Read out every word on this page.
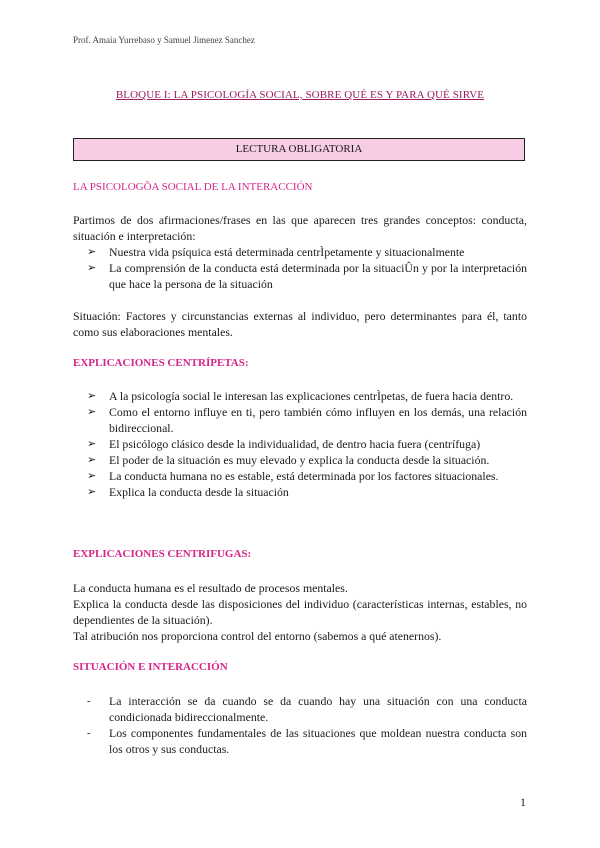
Prof. Amaia Yurrebaso y Samuel Jimenez Sanchez
BLOQUE I: LA PSICOLOGÍA SOCIAL, SOBRE QUÉ ES Y PARA QUÉ SIRVE
LECTURA OBLIGATORIA
LA PSICOLOGÕA SOCIAL DE LA INTERACCIÓN
Partimos de dos afirmaciones/frases en las que aparecen tres grandes conceptos: conducta, situación e interpretación:
➢ Nuestra vida psíquica está determinada centrÌpetamente y situacionalmente
➢ La comprensión de la conducta está determinada por la situaciÛn y por la interpretación que hace la persona de la situación
Situación: Factores y circunstancias externas al individuo, pero determinantes para él, tanto como sus elaboraciones mentales.
EXPLICACIONES CENTRÍPETAS:
➢ A la psicología social le interesan las explicaciones centrÌpetas, de fuera hacia dentro.
➢ Como el entorno influye en ti, pero también cómo influyen en los demás, una relación bidireccional.
➢ El psicólogo clásico desde la individualidad, de dentro hacia fuera (centrífuga)
➢ El poder de la situación es muy elevado y explica la conducta desde la situación.
➢ La conducta humana no es estable, está determinada por los factores situacionales.
➢ Explica la conducta desde la situación
EXPLICACIONES CENTRIFUGAS:

La conducta humana es el resultado de procesos mentales.

Explica la conducta desde las disposiciones del individuo (características internas, estables, no dependientes de la situación).

Tal atribución nos proporciona control del entorno (sabemos a qué atenernos).

SITUACIÓN E INTERACCIÓN
- La interacción se da cuando se da cuando hay una situación con una conducta condicionada bidireccionalmente.
- Los componentes fundamentales de las situaciones que moldean nuestra conducta son los otros y sus conductas.
1
